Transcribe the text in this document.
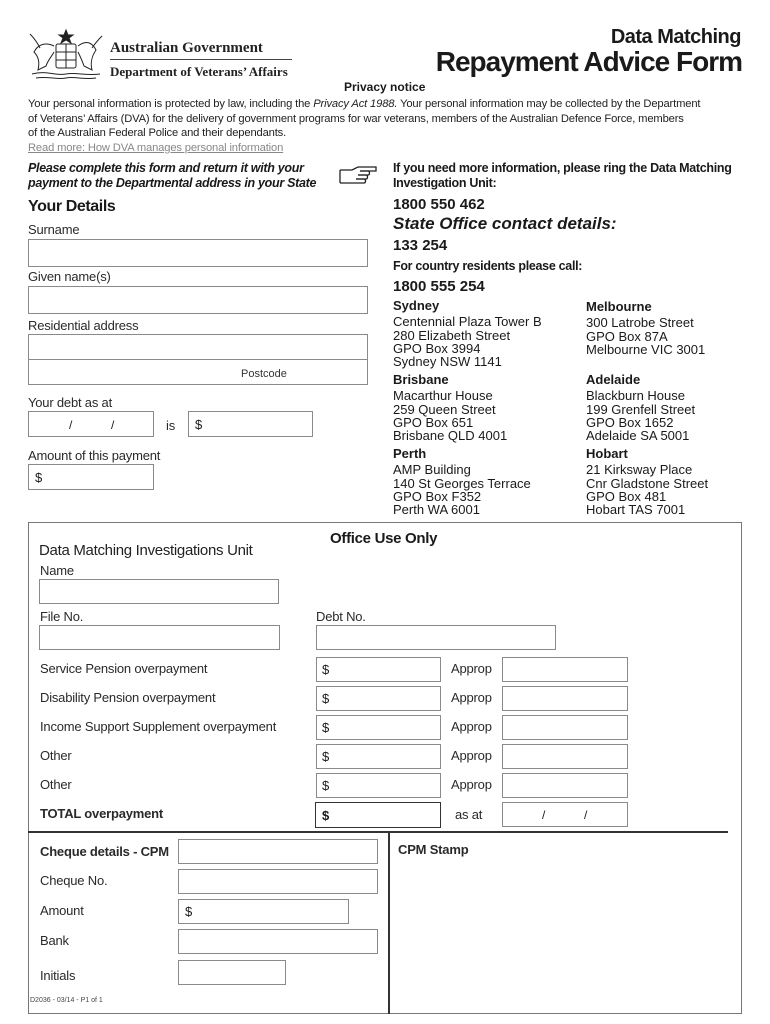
Australian Government
Department of Veterans’ Affairs
Data Matching
Repayment Advice Form
Privacy notice
Your personal information is protected by law, including the Privacy Act 1988. Your personal information may be collected by the Department
of Veterans’ Affairs (DVA) for the delivery of government programs for war veterans, members of the Australian Defence Force, members
of the Australian Federal Police and their dependants.
Read more: How DVA manages personal information
Please complete this form and return it with your
payment to the Departmental address in your State
Your Details
Surname
Given name(s)
Residential address
Postcode
Your debt as at
/	/	is $
Amount of this payment
$
If you need more information, please ring the Data Matching
Investigation Unit:
1800 550 462
State Office contact details:
133 254
For country residents please call:
1800 555 254
Sydney
Centennial Plaza Tower B
280 Elizabeth Street
GPO Box 3994
Sydney NSW 1141
Melbourne
300 Latrobe Street
GPO Box 87A
Melbourne VIC 3001
Brisbane
Macarthur House
259 Queen Street
GPO Box 651
Brisbane QLD 4001
Adelaide
Blackburn House
199 Grenfell Street
GPO Box 1652
Adelaide SA 5001
Perth
AMP Building
140 St Georges Terrace
GPO Box F352
Perth WA 6001
Hobart
21 Kirksway Place
Cnr Gladstone Street
GPO Box 481
Hobart TAS 7001
Office Use Only
Data Matching Investigations Unit
Name
File No.	Debt No.
Service Pension overpayment	$	Approp
Disability Pension overpayment	$	Approp
Income Support Supplement overpayment	$	Approp
Other	$	Approp
Other	$	Approp
TOTAL overpayment	$	as at	/	/
Cheque details - CPM
Cheque No.
Amount	$
Bank
Initials
CPM Stamp
D2036 - 03/14 - P1 of 1
